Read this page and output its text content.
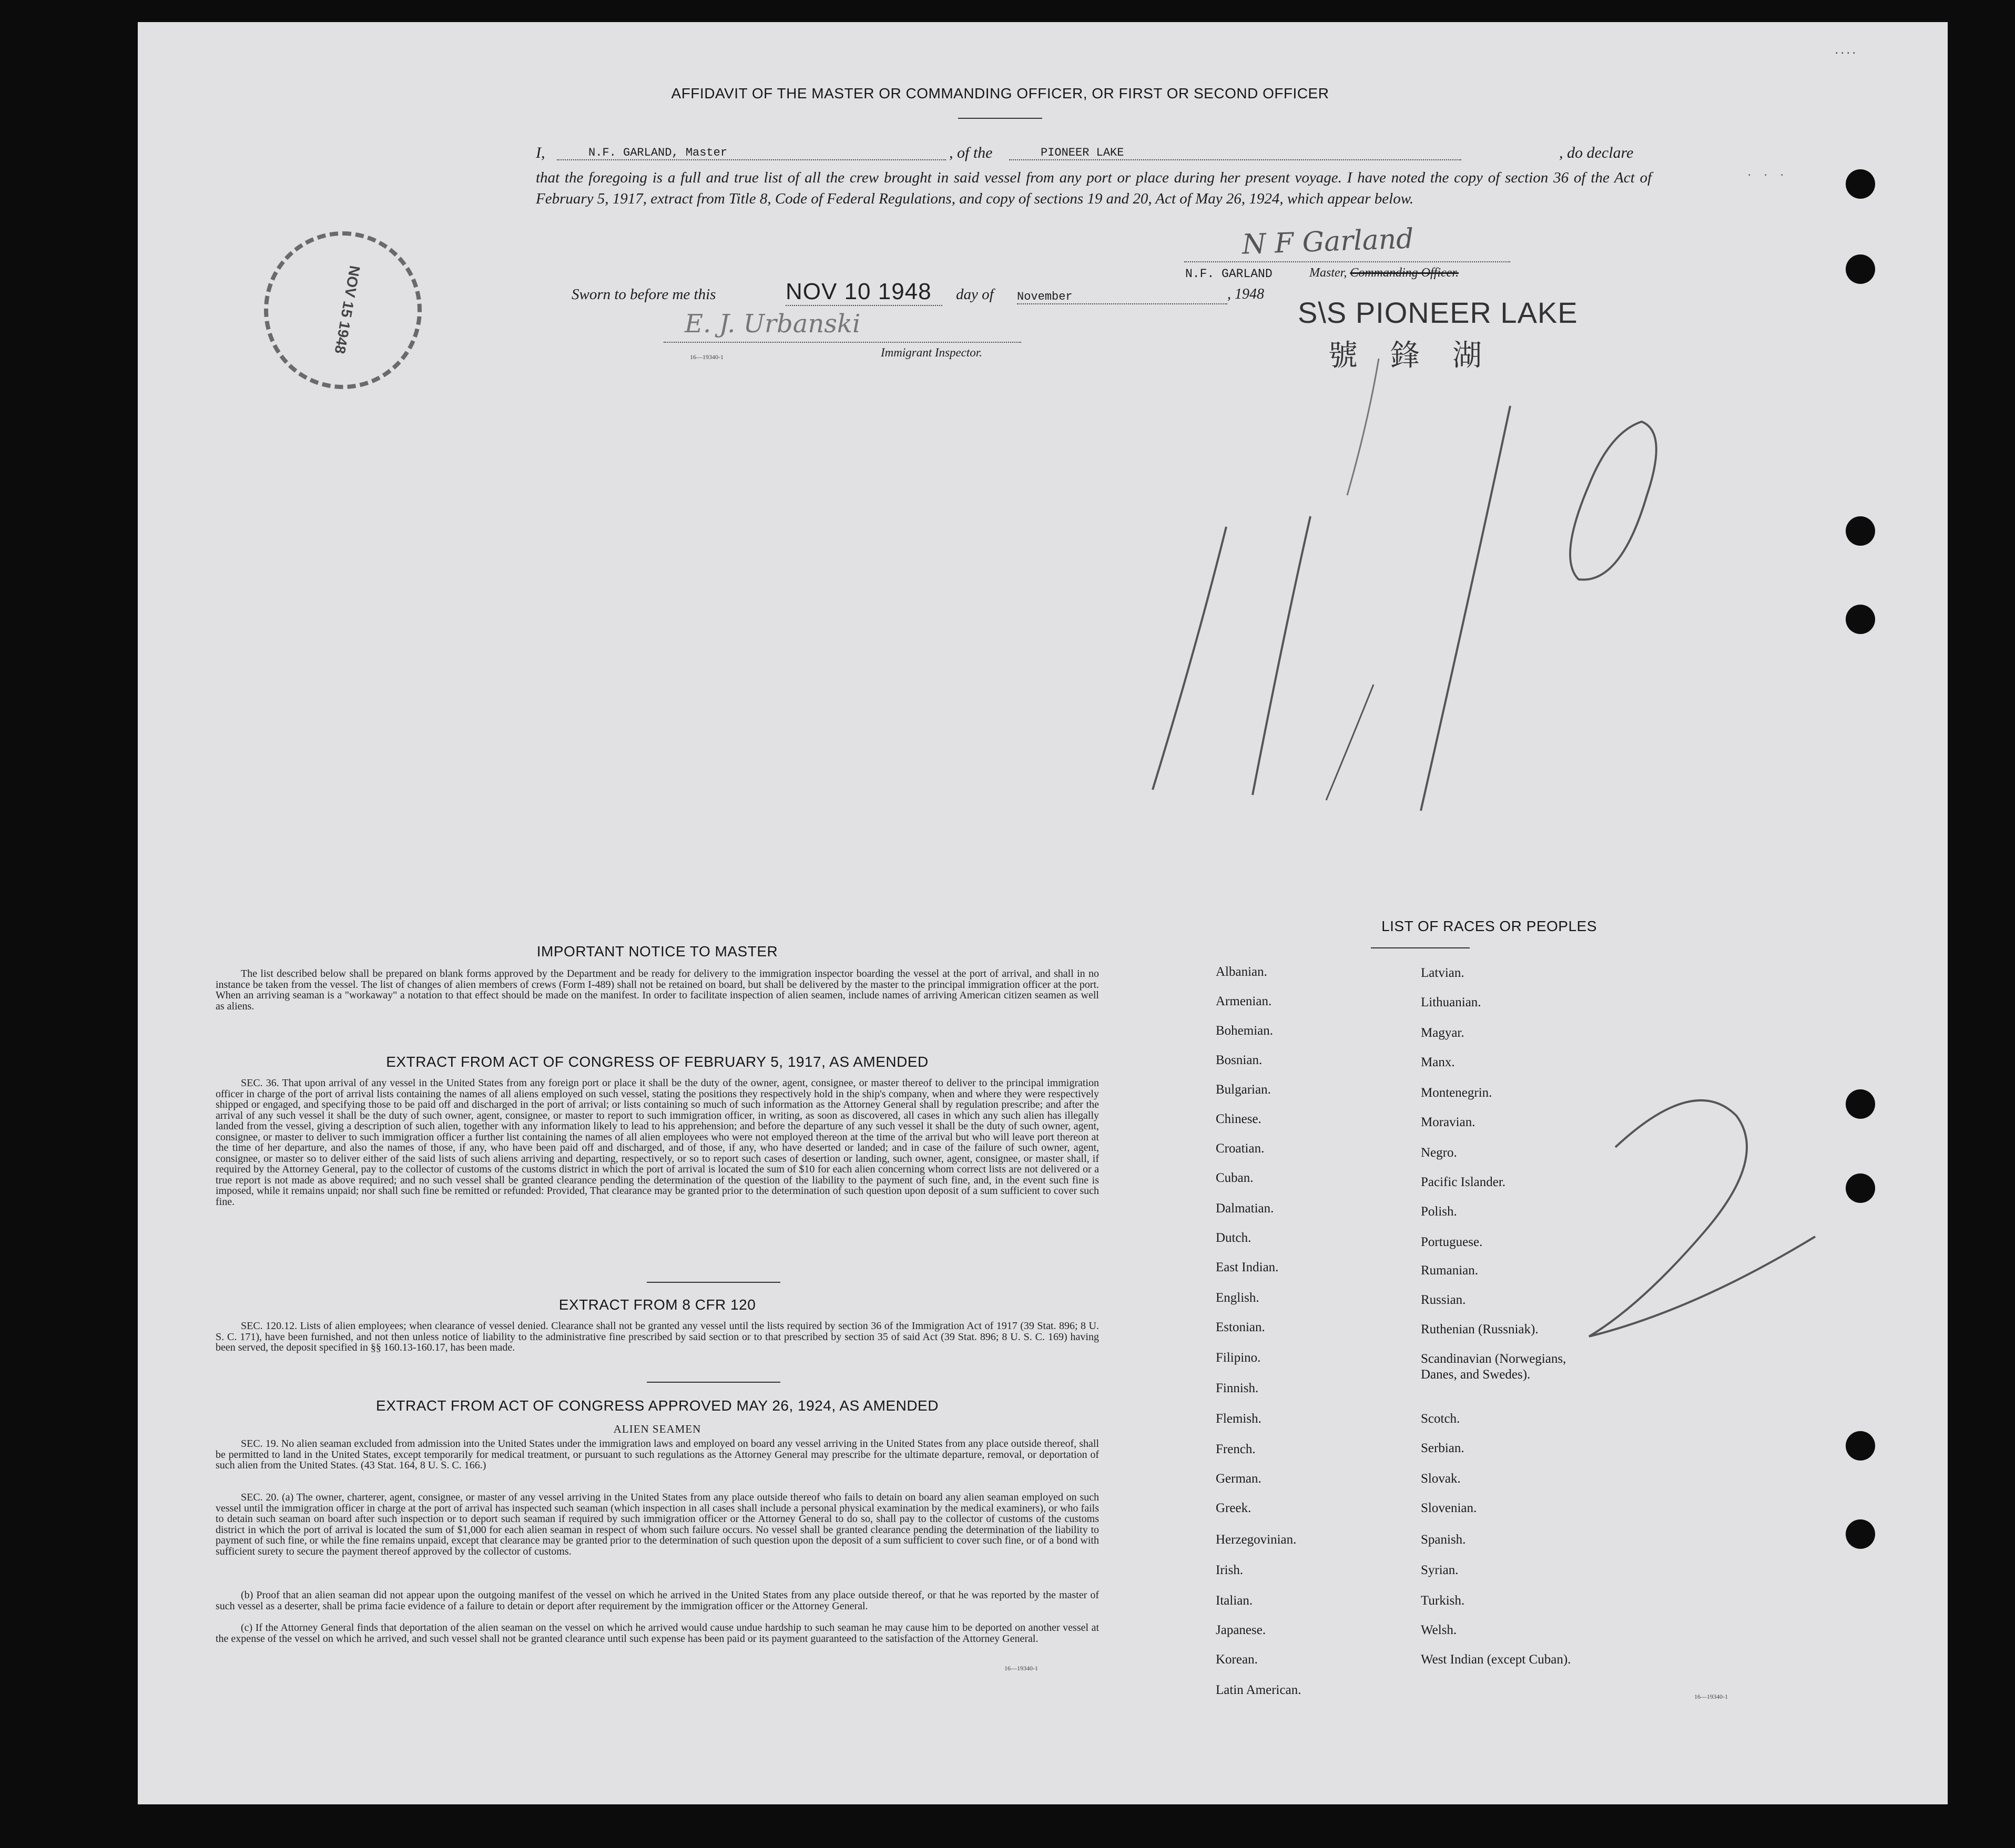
AFFIDAVIT OF THE MASTER OR COMMANDING OFFICER, OR FIRST OR SECOND OFFICER
I,	N.F. GARLAND, Master	, of the	PIONEER LAKE	, do declare
that the foregoing is a full and true list of all the crew brought in said vessel from any port or place during her present voyage. I have noted the copy of section 36 of the Act of February 5, 1917, extract from Title 8, Code of Federal Regulations, and copy of sections 19 and 20, Act of May 26, 1924, which appear below.
N F Garland
N.F. GARLAND	Master, Commanding Officer.
Sworn to before me this	NOV 10 1948	day of November	, 1948
E. J. Urbanski
Immigrant Inspector.
16—19340-1
NOV 15 1948	S\S PIONEER LAKE
號 鋒 湖
11/10
2
. . . .
. . .
IMPORTANT NOTICE TO MASTER
The list described below shall be prepared on blank forms approved by the Department and be ready for delivery to the immigration inspector boarding the vessel at the port of arrival, and shall in no instance be taken from the vessel. The list of changes of alien members of crews (Form I-489) shall not be retained on board, but shall be delivered by the master to the principal immigration officer at the port. When an arriving seaman is a "workaway" a notation to that effect should be made on the manifest. In order to facilitate inspection of alien seamen, include names of arriving American citizen seamen as well as aliens.
EXTRACT FROM ACT OF CONGRESS OF FEBRUARY 5, 1917, AS AMENDED
SEC. 36. That upon arrival of any vessel in the United States from any foreign port or place it shall be the duty of the owner, agent, consignee, or master thereof to deliver to the principal immigration officer in charge of the port of arrival lists containing the names of all aliens employed on such vessel, stating the positions they respectively hold in the ship's company, when and where they were respectively shipped or engaged, and specifying those to be paid off and discharged in the port of arrival; or lists containing so much of such information as the Attorney General shall by regulation prescribe; and after the arrival of any such vessel it shall be the duty of such owner, agent, consignee, or master to report to such immigration officer, in writing, as soon as discovered, all cases in which any such alien has illegally landed from the vessel, giving a description of such alien, together with any information likely to lead to his apprehension; and before the departure of any such vessel it shall be the duty of such owner, agent, consignee, or master to deliver to such immigration officer a further list containing the names of all alien employees who were not employed thereon at the time of the arrival but who will leave port thereon at the time of her departure, and also the names of those, if any, who have been paid off and discharged, and of those, if any, who have deserted or landed; and in case of the failure of such owner, agent, consignee, or master so to deliver either of the said lists of such aliens arriving and departing, respectively, or so to report such cases of desertion or landing, such owner, agent, consignee, or master shall, if required by the Attorney General, pay to the collector of customs of the customs district in which the port of arrival is located the sum of $10 for each alien concerning whom correct lists are not delivered or a true report is not made as above required; and no such vessel shall be granted clearance pending the determination of the question of the liability to the payment of such fine, and, in the event such fine is imposed, while it remains unpaid; nor shall such fine be remitted or refunded: Provided, That clearance may be granted prior to the determination of such question upon deposit of a sum sufficient to cover such fine.
EXTRACT FROM 8 CFR 120
SEC. 120.12. Lists of alien employees; when clearance of vessel denied. Clearance shall not be granted any vessel until the lists required by section 36 of the Immigration Act of 1917 (39 Stat. 896; 8 U. S. C. 171), have been furnished, and not then unless notice of liability to the administrative fine prescribed by said section or to that prescribed by section 35 of said Act (39 Stat. 896; 8 U. S. C. 169) having been served, the deposit specified in §§ 160.13-160.17, has been made.
EXTRACT FROM ACT OF CONGRESS APPROVED MAY 26, 1924, AS AMENDED
ALIEN SEAMEN
SEC. 19. No alien seaman excluded from admission into the United States under the immigration laws and employed on board any vessel arriving in the United States from any place outside thereof, shall be permitted to land in the United States, except temporarily for medical treatment, or pursuant to such regulations as the Attorney General may prescribe for the ultimate departure, removal, or deportation of such alien from the United States. (43 Stat. 164, 8 U. S. C. 166.)
SEC. 20. (a) The owner, charterer, agent, consignee, or master of any vessel arriving in the United States from any place outside thereof who fails to detain on board any alien seaman employed on such vessel until the immigration officer in charge at the port of arrival has inspected such seaman (which inspection in all cases shall include a personal physical examination by the medical examiners), or who fails to detain such seaman on board after such inspection or to deport such seaman if required by such immigration officer or the Attorney General to do so, shall pay to the collector of customs of the customs district in which the port of arrival is located the sum of $1,000 for each alien seaman in respect of whom such failure occurs. No vessel shall be granted clearance pending the determination of the liability to payment of such fine, or while the fine remains unpaid, except that clearance may be granted prior to the determination of such question upon the deposit of a sum sufficient to cover such fine, or of a bond with sufficient surety to secure the payment thereof approved by the collector of customs.
(b) Proof that an alien seaman did not appear upon the outgoing manifest of the vessel on which he arrived in the United States from any place outside thereof, or that he was reported by the master of such vessel as a deserter, shall be prima facie evidence of a failure to detain or deport after requirement by the immigration officer or the Attorney General.
(c) If the Attorney General finds that deportation of the alien seaman on the vessel on which he arrived would cause undue hardship to such seaman he may cause him to be deported on another vessel at the expense of the vessel on which he arrived, and such vessel shall not be granted clearance until such expense has been paid or its payment guaranteed to the satisfaction of the Attorney General.
16—19340-1
LIST OF RACES OR PEOPLES
16—19340-1
Albanian.
Armenian.
Bohemian.
Bosnian.
Bulgarian.
Chinese.
Croatian.
Cuban.
Dalmatian.
Dutch.
East Indian.
English.
Estonian.
Filipino.
Finnish.
Flemish.
French.
German.
Greek.
Herzegovinian.
Irish.
Italian.
Japanese.
Korean.
Latin American.
Latvian.
Lithuanian.
Magyar.
Manx.
Montenegrin.
Moravian.
Negro.
Pacific Islander.
Polish.
Portuguese.
Rumanian.
Russian.
Ruthenian (Russniak).
Scandinavian (Norwegians,
Danes, and Swedes).
Scotch.
Serbian.
Slovak.
Slovenian.
Spanish.
Syrian.
Turkish.
Welsh.
West Indian (except Cuban).
